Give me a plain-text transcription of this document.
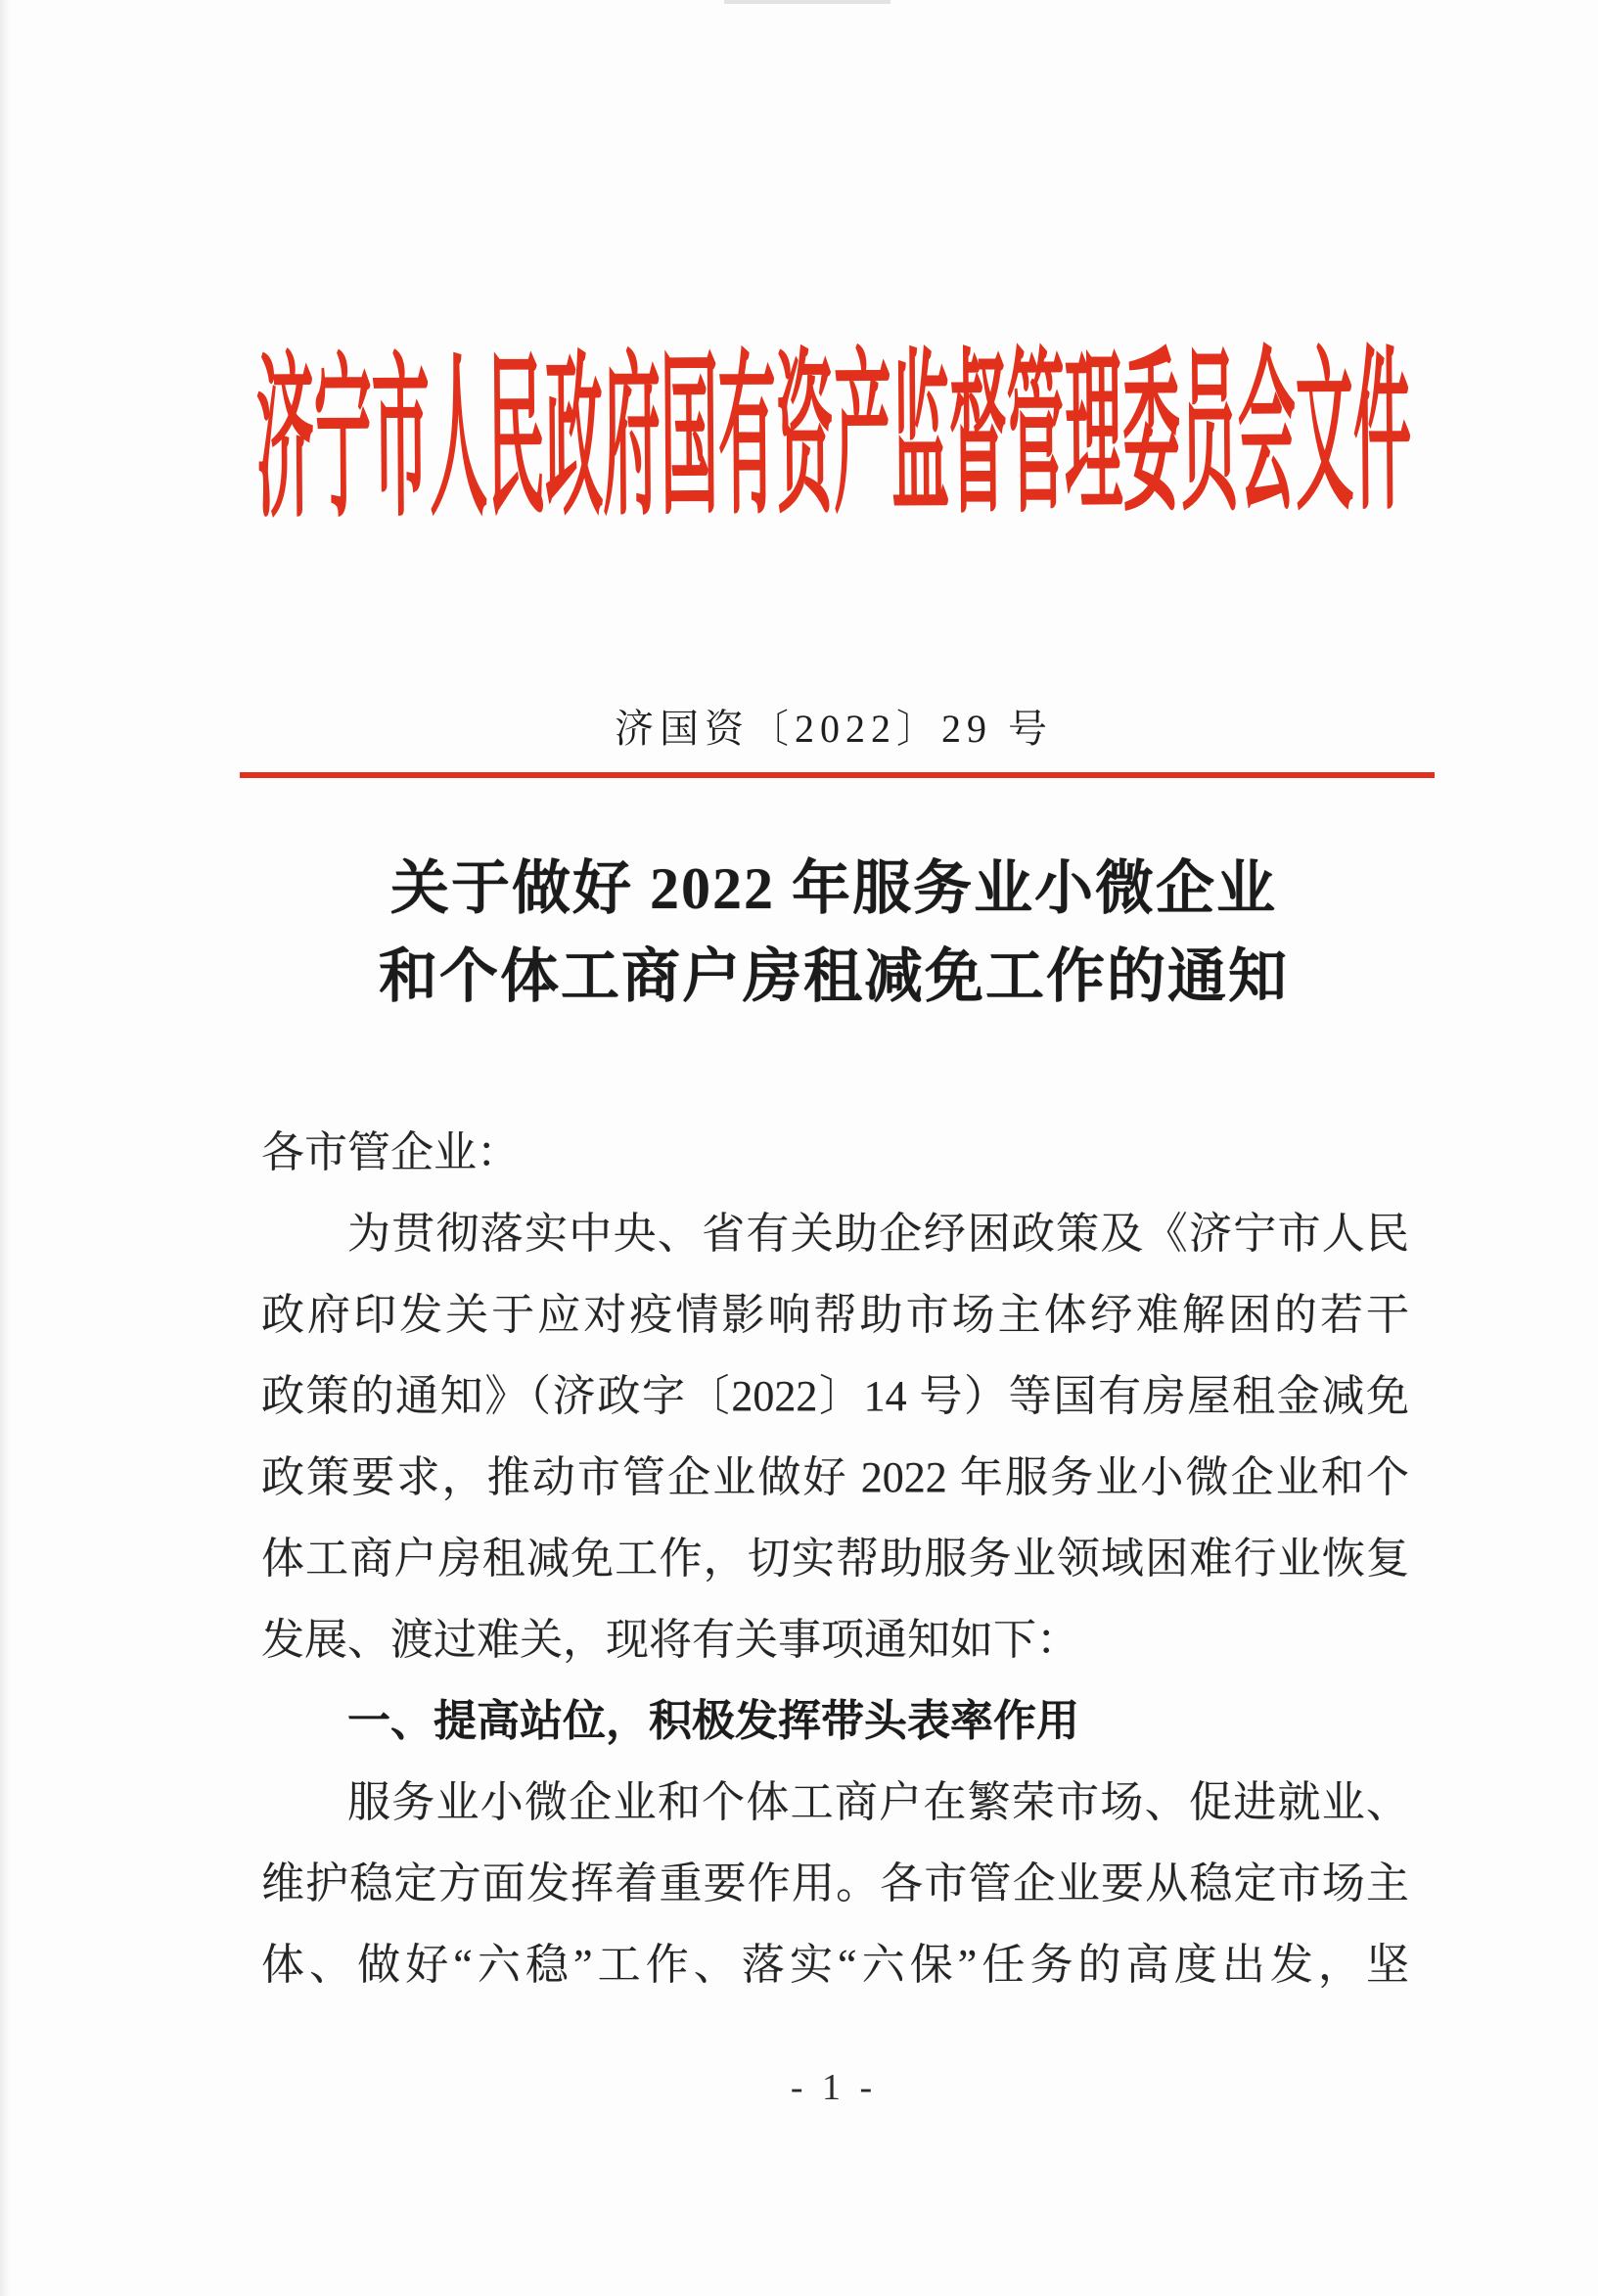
济宁市人民政府国有资产监督管理委员会文件
济国资〔2022〕29 号
关于做好 2022 年服务业小微企业
和个体工商户房租减免工作的通知

各市管企业：

为贯彻落实中央、省有关助企纾困政策及《济宁市人民

政府印发关于应对疫情影响帮助市场主体纾难解困的若干

政策的通知》（济政字〔2022〕14 号）等国有房屋租金减免

政策要求，推动市管企业做好 2022 年服务业小微企业和个

体工商户房租减免工作，切实帮助服务业领域困难行业恢复

发展、渡过难关，现将有关事项通知如下：

一、提高站位，积极发挥带头表率作用

服务业小微企业和个体工商户在繁荣市场、促进就业、

维护稳定方面发挥着重要作用。各市管企业要从稳定市场主

体、做好“六稳”工作、落实“六保”任务的高度出发，坚

- 1 -
